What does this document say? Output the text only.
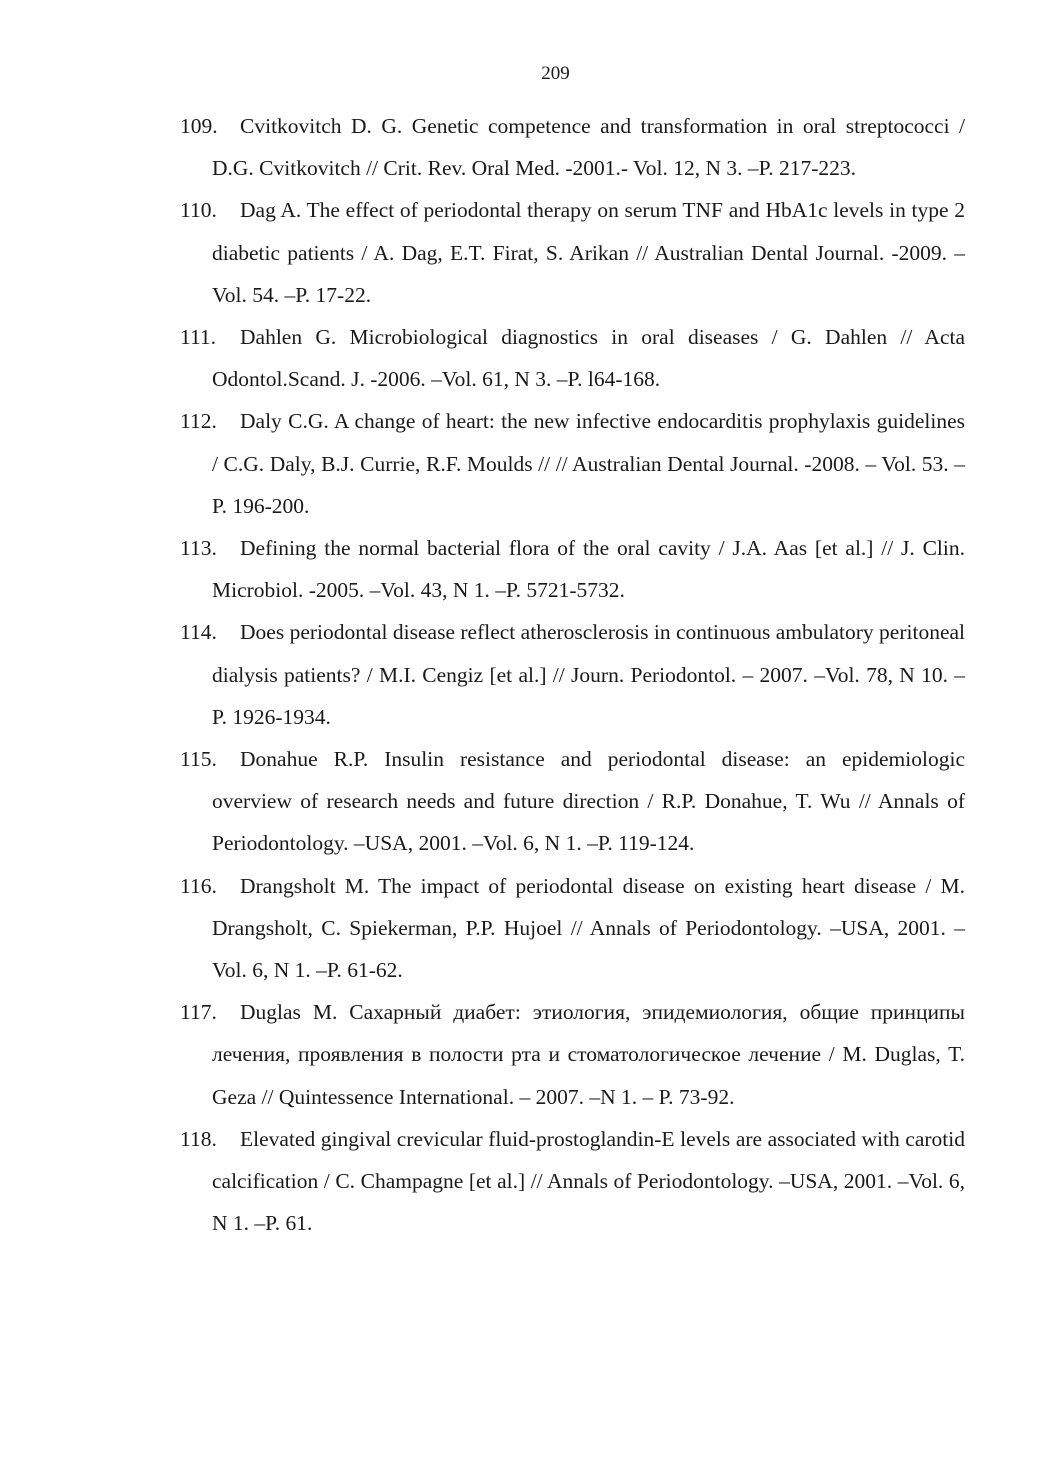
209
109. Cvitkovitch D. G. Genetic competence and transformation in oral streptococci / D.G. Cvitkovitch // Crit. Rev. Oral Med. -2001.- Vol. 12, N 3. –P. 217-223.
110. Dag A. The effect of periodontal therapy on serum TNF and HbA1c levels in type 2 diabetic patients / A. Dag, E.T. Firat, S. Arikan // Australian Dental Journal. -2009. – Vol. 54. –P. 17-22.
111. Dahlen G. Microbiological diagnostics in oral diseases / G. Dahlen // Acta Odontol.Scand. J. -2006. –Vol. 61, N 3. –P. l64-168.
112. Daly C.G. A change of heart: the new infective endocarditis prophylaxis guidelines / C.G. Daly, B.J. Currie, R.F. Moulds // // Australian Dental Journal. -2008. – Vol. 53. –P. 196-200.
113. Defining the normal bacterial flora of the oral cavity / J.A. Aas [et al.] // J. Clin. Microbiol. -2005. –Vol. 43, N 1. –P. 5721-5732.
114. Does periodontal disease reflect atherosclerosis in continuous ambulatory peritoneal dialysis patients? / M.I. Cengiz [et al.] // Journ. Periodontol. – 2007. –Vol. 78, N 10. –P. 1926-1934.
115. Donahue R.P. Insulin resistance and periodontal disease: an epidemiologic overview of research needs and future direction / R.P. Donahue, T. Wu // Annals of Periodontology. –USA, 2001. –Vol. 6, N 1. –P. 119-124.
116. Drangsholt M. The impact of periodontal disease on existing heart disease / M. Drangsholt, C. Spiekerman, P.P. Hujoel // Annals of Periodontology. –USA, 2001. –Vol. 6, N 1. –P. 61-62.
117. Duglas M. Сахарный диабет: этиология, эпидемиология, общие принципы лечения, проявления в полости рта и стоматологическое лечение / M. Duglas, T. Geza // Quintessence International. – 2007. –N 1. – P. 73-92.
118. Elevated gingival crevicular fluid-prostoglandin-E levels are associated with carotid calcification / C. Champagne [et al.] // Annals of Periodontology. –USA, 2001. –Vol. 6, N 1. –P. 61.
